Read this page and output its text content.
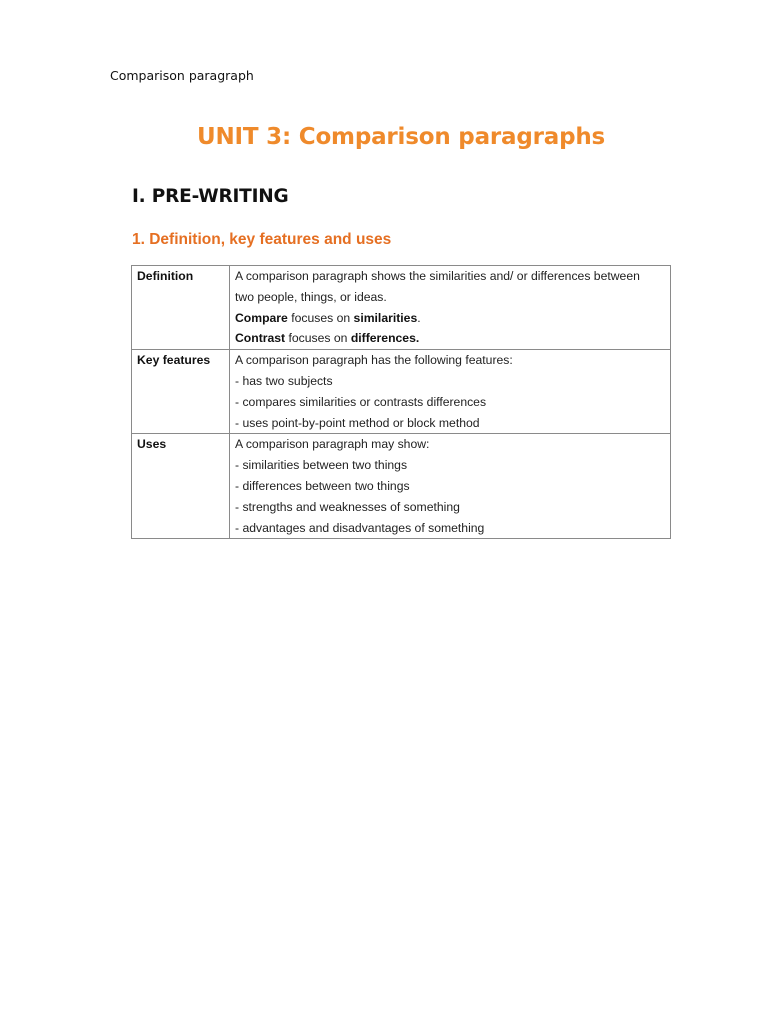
Comparison paragraph
UNIT 3: Comparison paragraphs
I. PRE-WRITING
1. Definition, key features and uses
Definition	A comparison paragraph shows the similarities and/ or differences between
two people, things, or ideas.
Compare focuses on similarities.
Contrast focuses on differences.

Key features	A comparison paragraph has the following features:
- has two subjects
- compares similarities or contrasts differences
- uses point-by-point method or block method

Uses	A comparison paragraph may show:
- similarities between two things
- differences between two things
- strengths and weaknesses of something
- advantages and disadvantages of something
